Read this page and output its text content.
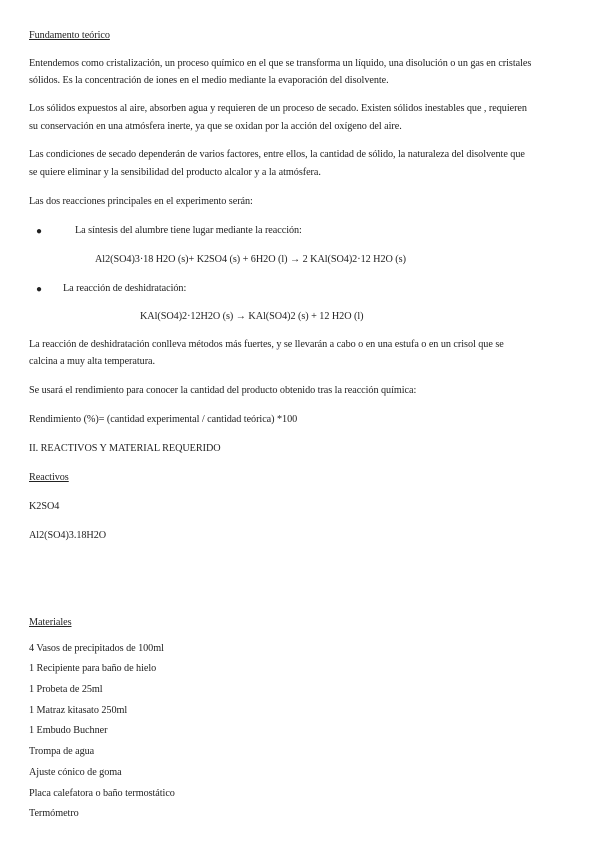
Fundamento teórico
Entendemos como cristalización, un proceso químico en el que se transforma un líquido, una disolución o un gas en cristales
sólidos. Es la concentración de iones en el medio mediante la evaporación del disolvente.
Los sólidos expuestos al aire, absorben agua y requieren de un proceso de secado. Existen sólidos inestables que , requieren
su conservación en una atmósfera inerte, ya que se oxidan por la acción del oxígeno del aire.
Las condiciones de secado dependerán de varios factores, entre ellos, la cantidad de sólido, la naturaleza del disolvente que
se quiere eliminar y la sensibilidad del producto alcalor y a la atmósfera.
Las dos reacciones principales en el experimento serán:
●	La síntesis del alumbre tiene lugar mediante la reacción:
Al2(SO4)3·18 H2O (s)+ K2SO4 (s) + 6H2O (l) → 2 KAl(SO4)2·12 H2O (s)
● La reacción de deshidratación:
KAl(SO4)2·12H2O (s) → KAl(SO4)2 (s) + 12 H2O (l)
La reacción de deshidratación conlleva métodos más fuertes, y se llevarán a cabo o en una estufa o en un crisol que se
calcina a muy alta temperatura.
Se usará el rendimiento para conocer la cantidad del producto obtenido tras la reacción química:
Rendimiento (%)= (cantidad experimental / cantidad teórica) *100
II. REACTIVOS Y MATERIAL REQUERIDO
Reactivos
K2SO4
Al2(SO4)3.18H2O
Materiales
4 Vasos de precipitados de 100ml
1 Recipiente para baño de hielo
1 Probeta de 25ml
1 Matraz kitasato 250ml
1 Embudo Buchner
Trompa de agua
Ajuste cónico de goma
Placa calefatora o baño termostático
Termómetro
